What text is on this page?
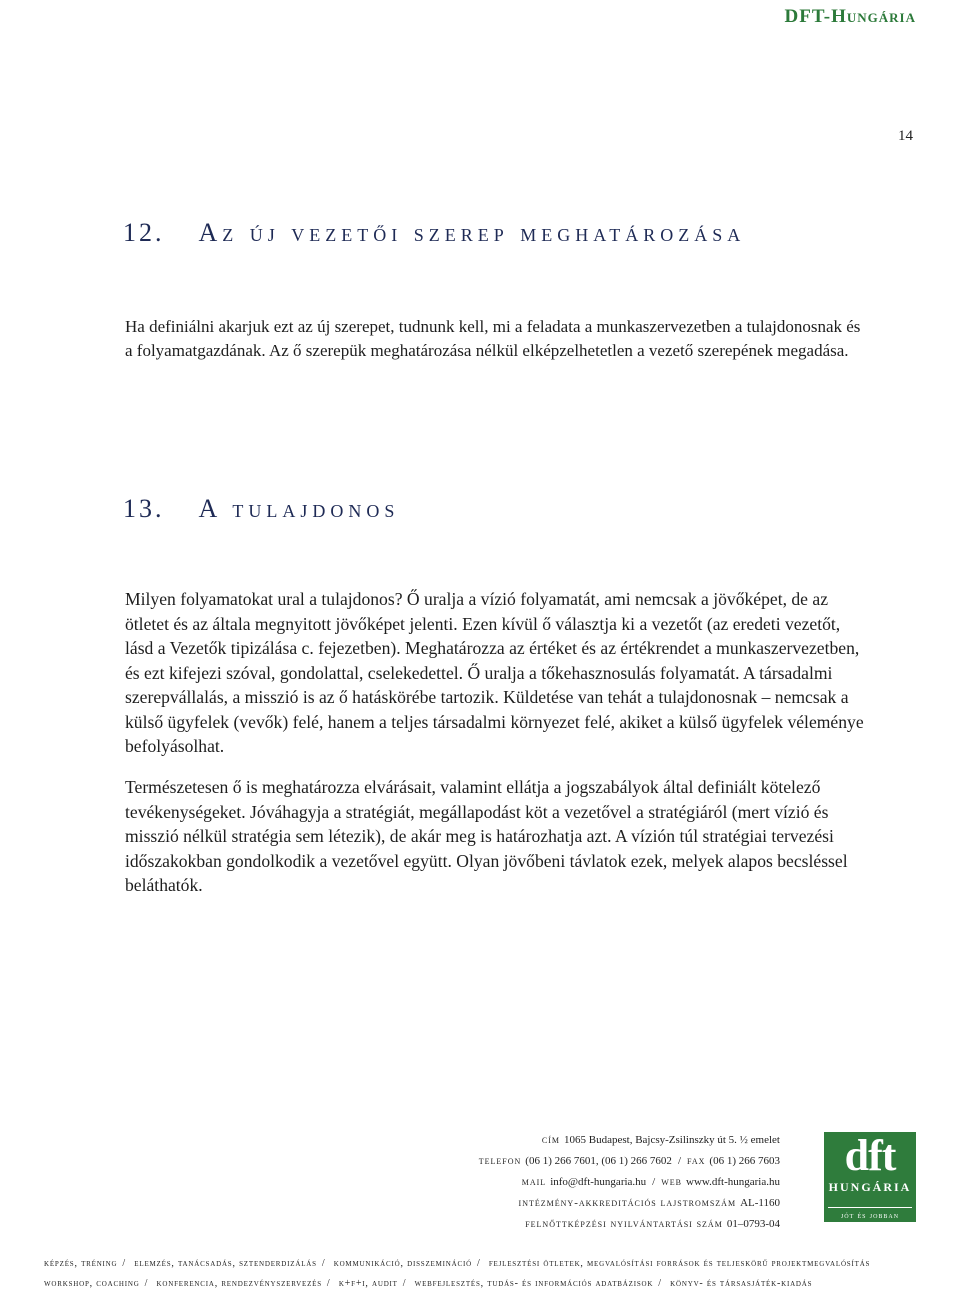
DFT-Hungária
14
12. Az új vezetői szerep meghatározása

Ha definiálni akarjuk ezt az új szerepet, tudnunk kell, mi a feladata a munkaszervezetben a tulajdonosnak és a folyamatgazdának. Az ő szerepük meghatározása nélkül elképzelhetetlen a vezető szerepének megadása.

13. A tulajdonos

Milyen folyamatokat ural a tulajdonos? Ő uralja a vízió folyamatát, ami nemcsak a jövőképet, de az ötletet és az általa megnyitott jövőképet jelenti. Ezen kívül ő választja ki a vezetőt (az eredeti vezetőt, lásd a Vezetők tipizálása c. fejezetben). Meghatározza az értéket és az értékrendet a munkaszervezetben, és ezt kifejezi szóval, gondolattal, cselekedettel. Ő uralja a tőkehasznosulás folyamatát. A társadalmi szerepvállalás, a misszió is az ő hatáskörébe tartozik. Küldetése van tehát a tulajdonosnak – nemcsak a külső ügyfelek (vevők) felé, hanem a teljes társadalmi környezet felé, akiket a külső ügyfelek véleménye befolyásolhat.

Természetesen ő is meghatározza elvárásait, valamint ellátja a jogszabályok által definiált kötelező tevékenységeket. Jóváhagyja a stratégiát, megállapodást köt a vezetővel a stratégiáról (mert vízió és misszió nélkül stratégia sem létezik), de akár meg is határozhatja azt. A vízión túl stratégiai tervezési időszakokban gondolkodik a vezetővel együtt. Olyan jövőbeni távlatok ezek, melyek alapos becsléssel beláthatók.

cím 1065 Budapest, Bajcsy-Zsilinszky út 5. ½ emelet
telefon (06 1) 266 7601, (06 1) 266 7602 / fax (06 1) 266 7603
mail info@dft-hungaria.hu / web www.dft-hungaria.hu
intézmény-akkreditációs lajstromszám AL-1160
felnőttképzési nyilvántartási szám 01–0793-04
dft
HUNGÁRIA
jót és jobban
képzés, tréning / elemzés, tanácsadás, sztenderdizálás / kommunikáció, disszemináció / fejlesztési ötletek, megvalósítási források és teljeskörű projektmegvalósítás
workshop, coaching / konferencia, rendezvényszervezés / k+f+i, audit / webfejlesztés, tudás- és információs adatbázisok / könyv- és társasjáték-kiadás
